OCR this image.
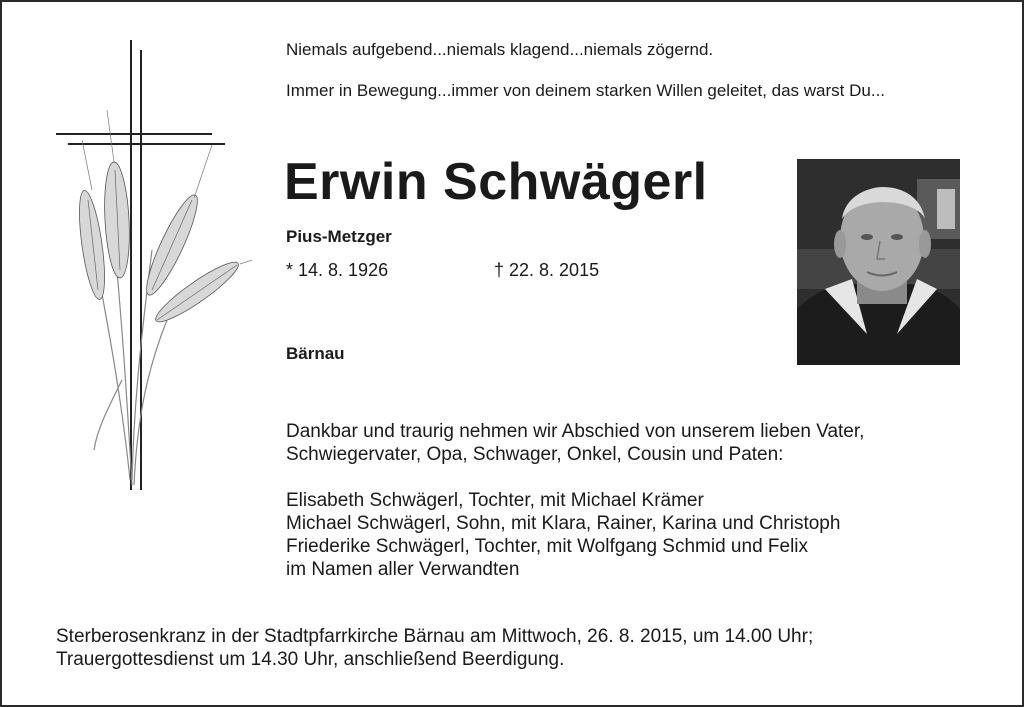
Niemals aufgebend...niemals klagend...niemals zögernd.
Immer in Bewegung...immer von deinem starken Willen geleitet, das warst Du...
Erwin Schwägerl
Pius-Metzger
* 14. 8. 1926	† 22. 8. 2015
Bärnau
Dankbar und traurig nehmen wir Abschied von unserem lieben Vater,
Schwiegervater, Opa, Schwager, Onkel, Cousin und Paten:
Elisabeth Schwägerl, Tochter, mit Michael Krämer
Michael Schwägerl, Sohn, mit Klara, Rainer, Karina und Christoph
Friederike Schwägerl, Tochter, mit Wolfgang Schmid und Felix
im Namen aller Verwandten
Sterberosenkranz in der Stadtpfarrkirche Bärnau am Mittwoch, 26. 8. 2015, um 14.00 Uhr;
Trauergottesdienst um 14.30 Uhr, anschließend Beerdigung.
